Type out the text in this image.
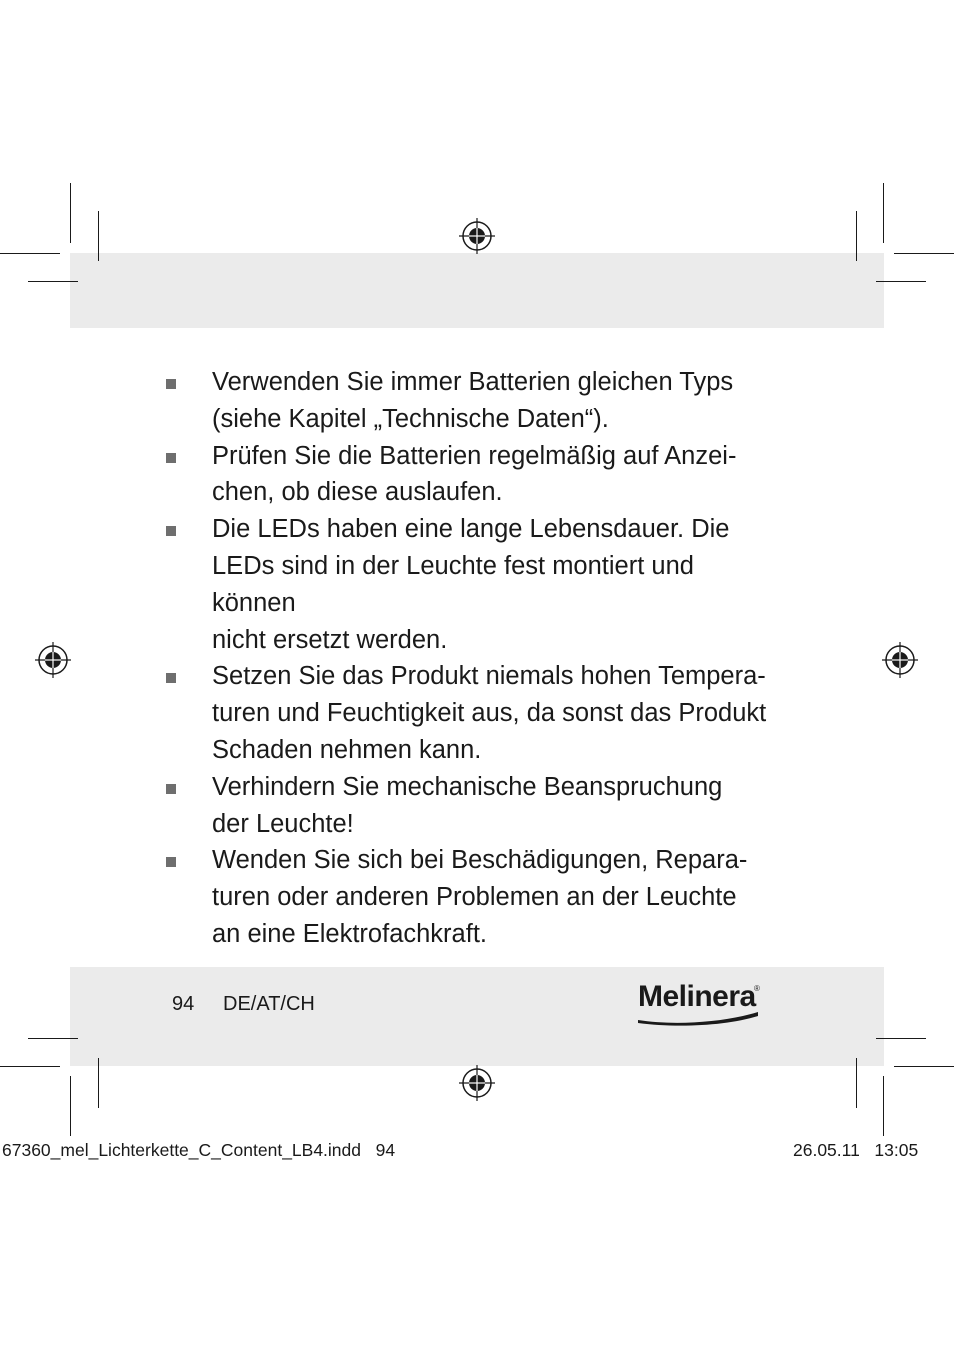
Verwenden Sie immer Batterien gleichen Typs
(siehe Kapitel „Technische Daten“).
Prüfen Sie die Batterien regelmäßig auf Anzei-
chen, ob diese auslaufen.
Die LEDs haben eine lange Lebensdauer. Die
LEDs sind in der Leuchte fest montiert und können
nicht ersetzt werden.
Setzen Sie das Produkt niemals hohen Tempera-
turen und Feuchtigkeit aus, da sonst das Produkt
Schaden nehmen kann.
Verhindern Sie mechanische Beanspruchung
der Leuchte!
Wenden Sie sich bei Beschädigungen, Repara-
turen oder anderen Problemen an der Leuchte
an eine Elektrofachkraft.
94 DE/AT/CH	Melinera
®
67360_mel_Lichterkette_C_Content_LB4.indd   94	26.05.11   13:05
